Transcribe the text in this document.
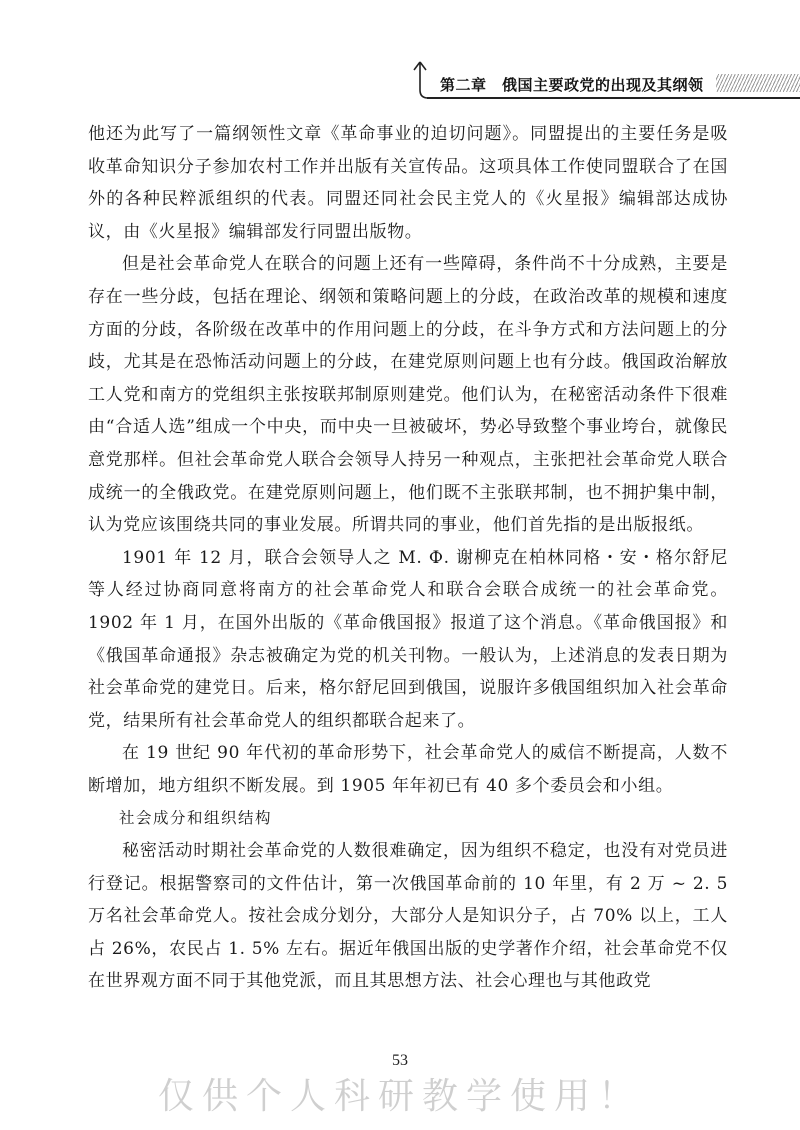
第二章　俄国主要政党的出现及其纲领

他还为此写了一篇纲领性文章《革命事业的迫切问题》。同盟提出的主要任务是吸收革命知识分子参加农村工作并出版有关宣传品。这项具体工作使同盟联合了在国外的各种民粹派组织的代表。同盟还同社会民主党人的《火星报》编辑部达成协议，由《火星报》编辑部发行同盟出版物。

但是社会革命党人在联合的问题上还有一些障碍，条件尚不十分成熟，主要是存在一些分歧，包括在理论、纲领和策略问题上的分歧，在政治改革的规模和速度方面的分歧，各阶级在改革中的作用问题上的分歧，在斗争方式和方法问题上的分歧，尤其是在恐怖活动问题上的分歧，在建党原则问题上也有分歧。俄国政治解放工人党和南方的党组织主张按联邦制原则建党。他们认为，在秘密活动条件下很难由“合适人选”组成一个中央，而中央一旦被破坏，势必导致整个事业垮台，就像民意党那样。但社会革命党人联合会领导人持另一种观点，主张把社会革命党人联合成统一的全俄政党。在建党原则问题上，他们既不主张联邦制，也不拥护集中制，认为党应该围绕共同的事业发展。所谓共同的事业，他们首先指的是出版报纸。

1901 年 12 月，联合会领导人之 M. Ф. 谢柳克在柏林同格・安・格尔舒尼等人经过协商同意将南方的社会革命党人和联合会联合成统一的社会革命党。1902 年 1 月，在国外出版的《革命俄国报》报道了这个消息。《革命俄国报》和《俄国革命通报》杂志被确定为党的机关刊物。一般认为，上述消息的发表日期为社会革命党的建党日。后来，格尔舒尼回到俄国，说服许多俄国组织加入社会革命党，结果所有社会革命党人的组织都联合起来了。

在 19 世纪 90 年代初的革命形势下，社会革命党人的威信不断提高，人数不断增加，地方组织不断发展。到 1905 年年初已有 40 多个委员会和小组。

社会成分和组织结构

秘密活动时期社会革命党的人数很难确定，因为组织不稳定，也没有对党员进行登记。根据警察司的文件估计，第一次俄国革命前的 10 年里，有 2 万 ~ 2. 5 万名社会革命党人。按社会成分划分，大部分人是知识分子，占 70% 以上，工人占 26%，农民占 1. 5% 左右。据近年俄国出版的史学著作介绍，社会革命党不仅在世界观方面不同于其他党派，而且其思想方法、社会心理也与其他政党

53
仅供个人科研教学使用！
